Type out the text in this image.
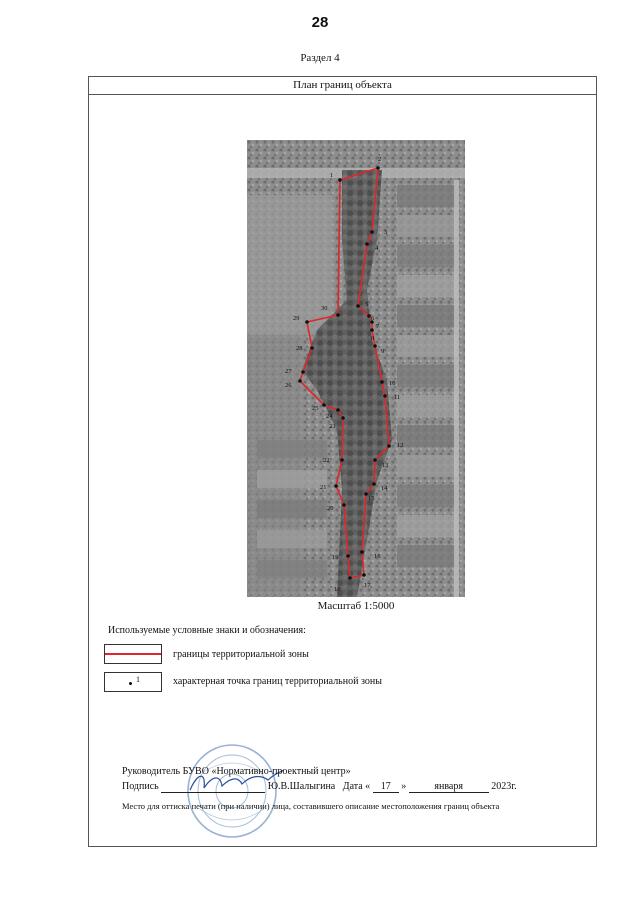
28
Раздел 4
План границ объекта
1
2
3
4
5
6
7
8
9
10
11
12
13
14
15
16
17
18
19
20
21
22
23
24
25
26
27
28
29
30
Масштаб 1:5000
Используемые условные знаки и обозначения:
границы территориальной зоны
1	характерная точка границ территориальной зоны
Руководитель БУВО «Нормативно-проектный центр»
Подпись	Ю.В.Шалыгина Дата « 17 »	января	2023г.
Место для оттиска печати (при наличии) лица, составившего описание местоположения границ объекта
